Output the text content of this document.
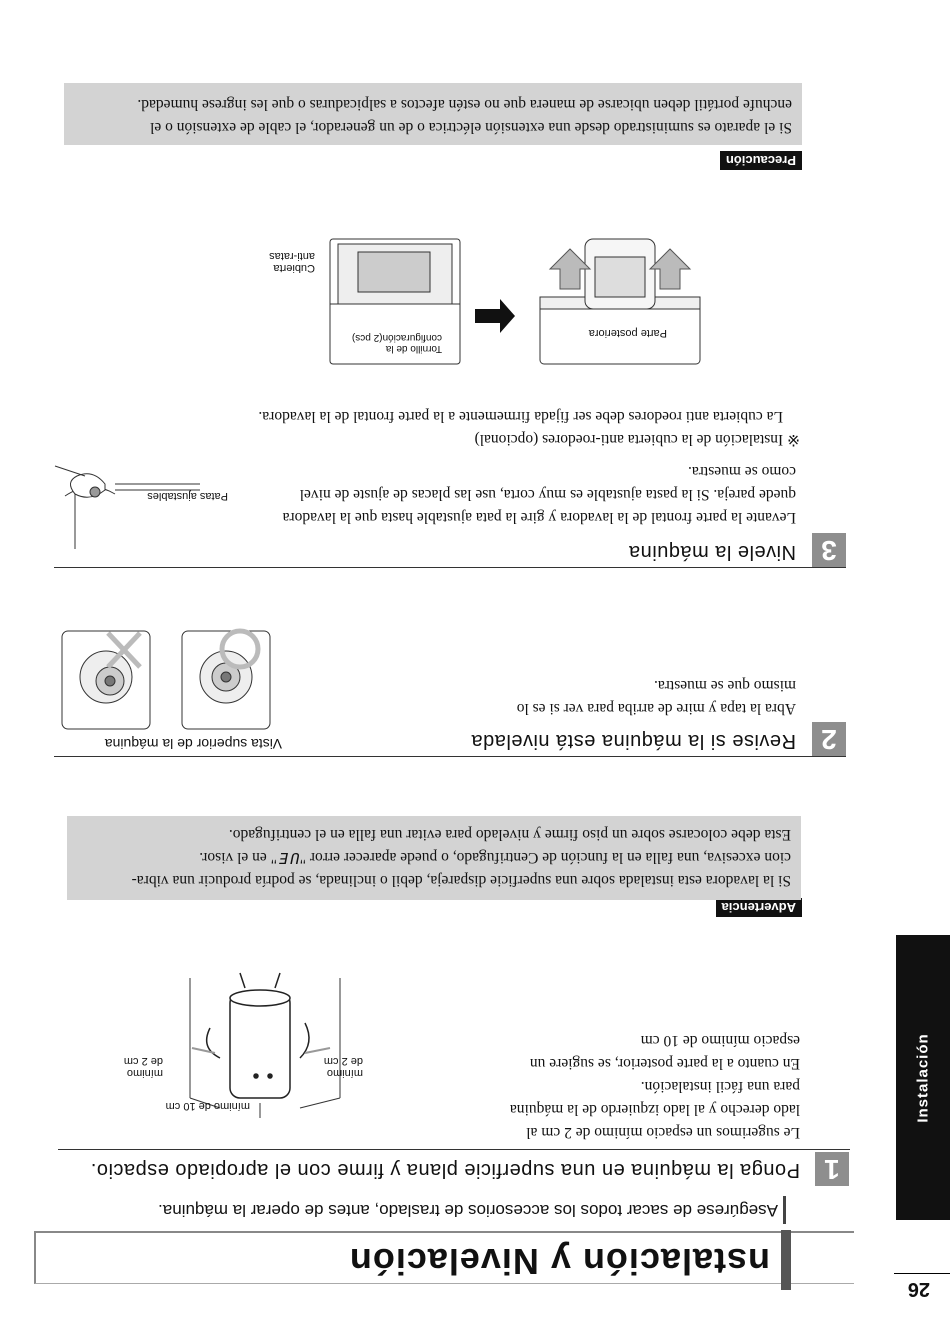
nstalación y Nivelación
Asegúrese de sacar todos los accesorios de traslado, antes de operar la máquina.
26
Instalación
1
Ponga la máquina en una superficie plana y firme con el apropiado espacio.
Le sugerimos un espacio mínimo de 2 cm al
lado derecho y al lado izquierdo de la máquina
para una fácil instalación.
En cuanto a la parte posterior, se sugiere un
espacio mínimo de 10 cm
mínimo de 10 cm
mínimo
de 2 cm
mínimo
de 2 cm
Advertencia
Si la lavadora esta instalada sobre una superficie dispareja, debil o inclinada, se podría producir una vibra-
cion excesiva, una falla en la función de Centrifugado, o puede aparecer error "UE" en el visor.
Esta debe colocarse sobre un piso firme y nivelado para evitar una falla en el centrifugado.
2
Revise si la máquina está nivelada
Abra la tapa y mire de arriba para ver si es lo
mismo que se muestra.
Vista superior de la máquina
3
Nivele la máquina
Levante la parte frontal de la lavadora y gire la pata ajustable hasta que la lavadora
quede pareja. Si la pasta ajustable es muy corta, use las placas de ajuste de nivel
como se muestra.
Patas ajustables
※ Instalación de la cubierta anti-roedores (opcional)
La cubierta anti roedores debe ser fijada firmemente a la parte frontal de la lavadora.
Parte posteriora
Cubierta
anti-ratas
Tornillo de la
configuración(2 pcs)
Precaución
Si el aparato es suministrado desde una extensión eléctrica o de un generador, el cable de extensión o el
enchufe portátil deben ubicarse de manera que no estén afectos a salpicaduras o que les ingrese humedad.
